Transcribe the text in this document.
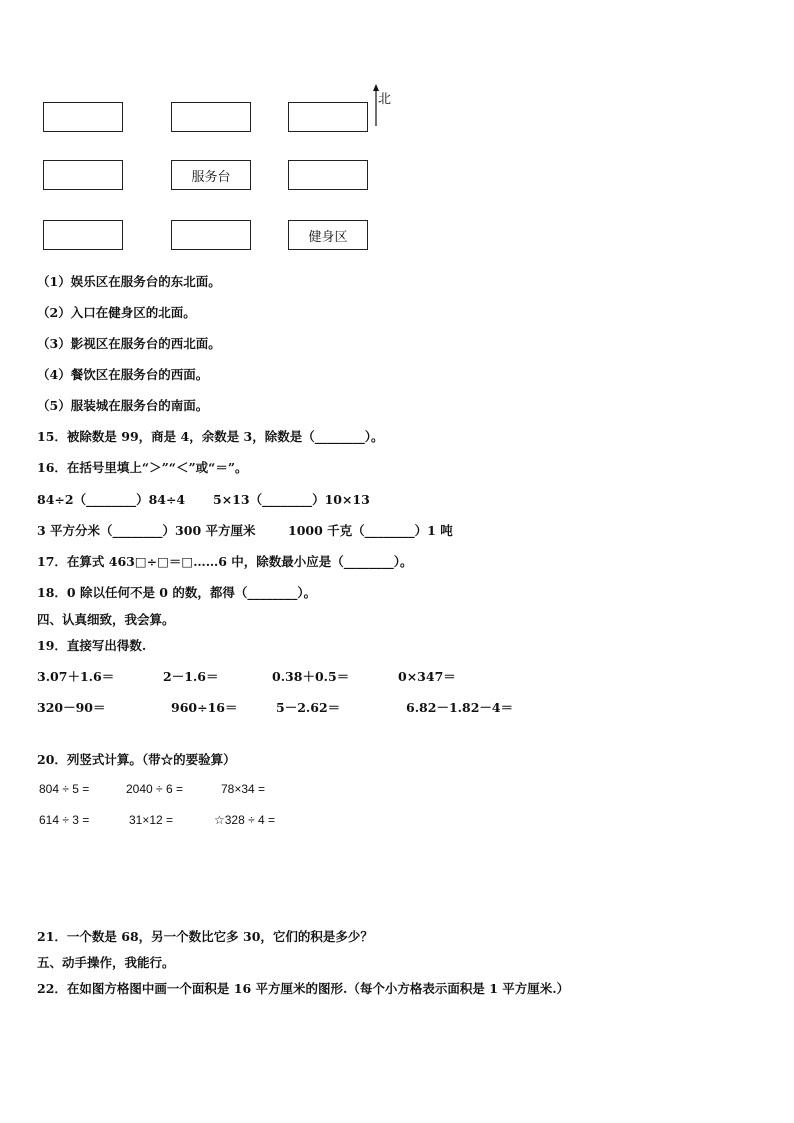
服务台
健身区
北
（1）娱乐区在服务台的东北面。
（2）入口在健身区的北面。
（3）影视区在服务台的西北面。
（4）餐饮区在服务台的西面。
（5）服装城在服务台的南面。
15．被除数是 99，商是 4，余数是 3，除数是（________）。
16．在括号里填上“＞”“＜”或“＝”。
84÷2（________）84÷4 5×13（________）10×13
3 平方分米（________）300 平方厘米	1000 千克（________）1 吨
17．在算式 463□÷□＝□……6 中，除数最小应是（________）。
18．0 除以任何不是 0 的数，都得（________）。
四、认真细致，我会算。
19．直接写出得数.
3.07＋1.6＝	2－1.6＝	0.38＋0.5＝	0×347＝
320－90＝	960÷16＝	5－2.62＝	6.82－1.82－4＝
20．列竖式计算。（带☆的要验算）
804 ÷ 5 =	2040 ÷ 6 =	78×34 =
614 ÷ 3 =	31×12 =	☆328 ÷ 4 =
21．一个数是 68，另一个数比它多 30，它们的积是多少？
五、动手操作，我能行。
22．在如图方格图中画一个面积是 16 平方厘米的图形.（每个小方格表示面积是 1 平方厘米.）
